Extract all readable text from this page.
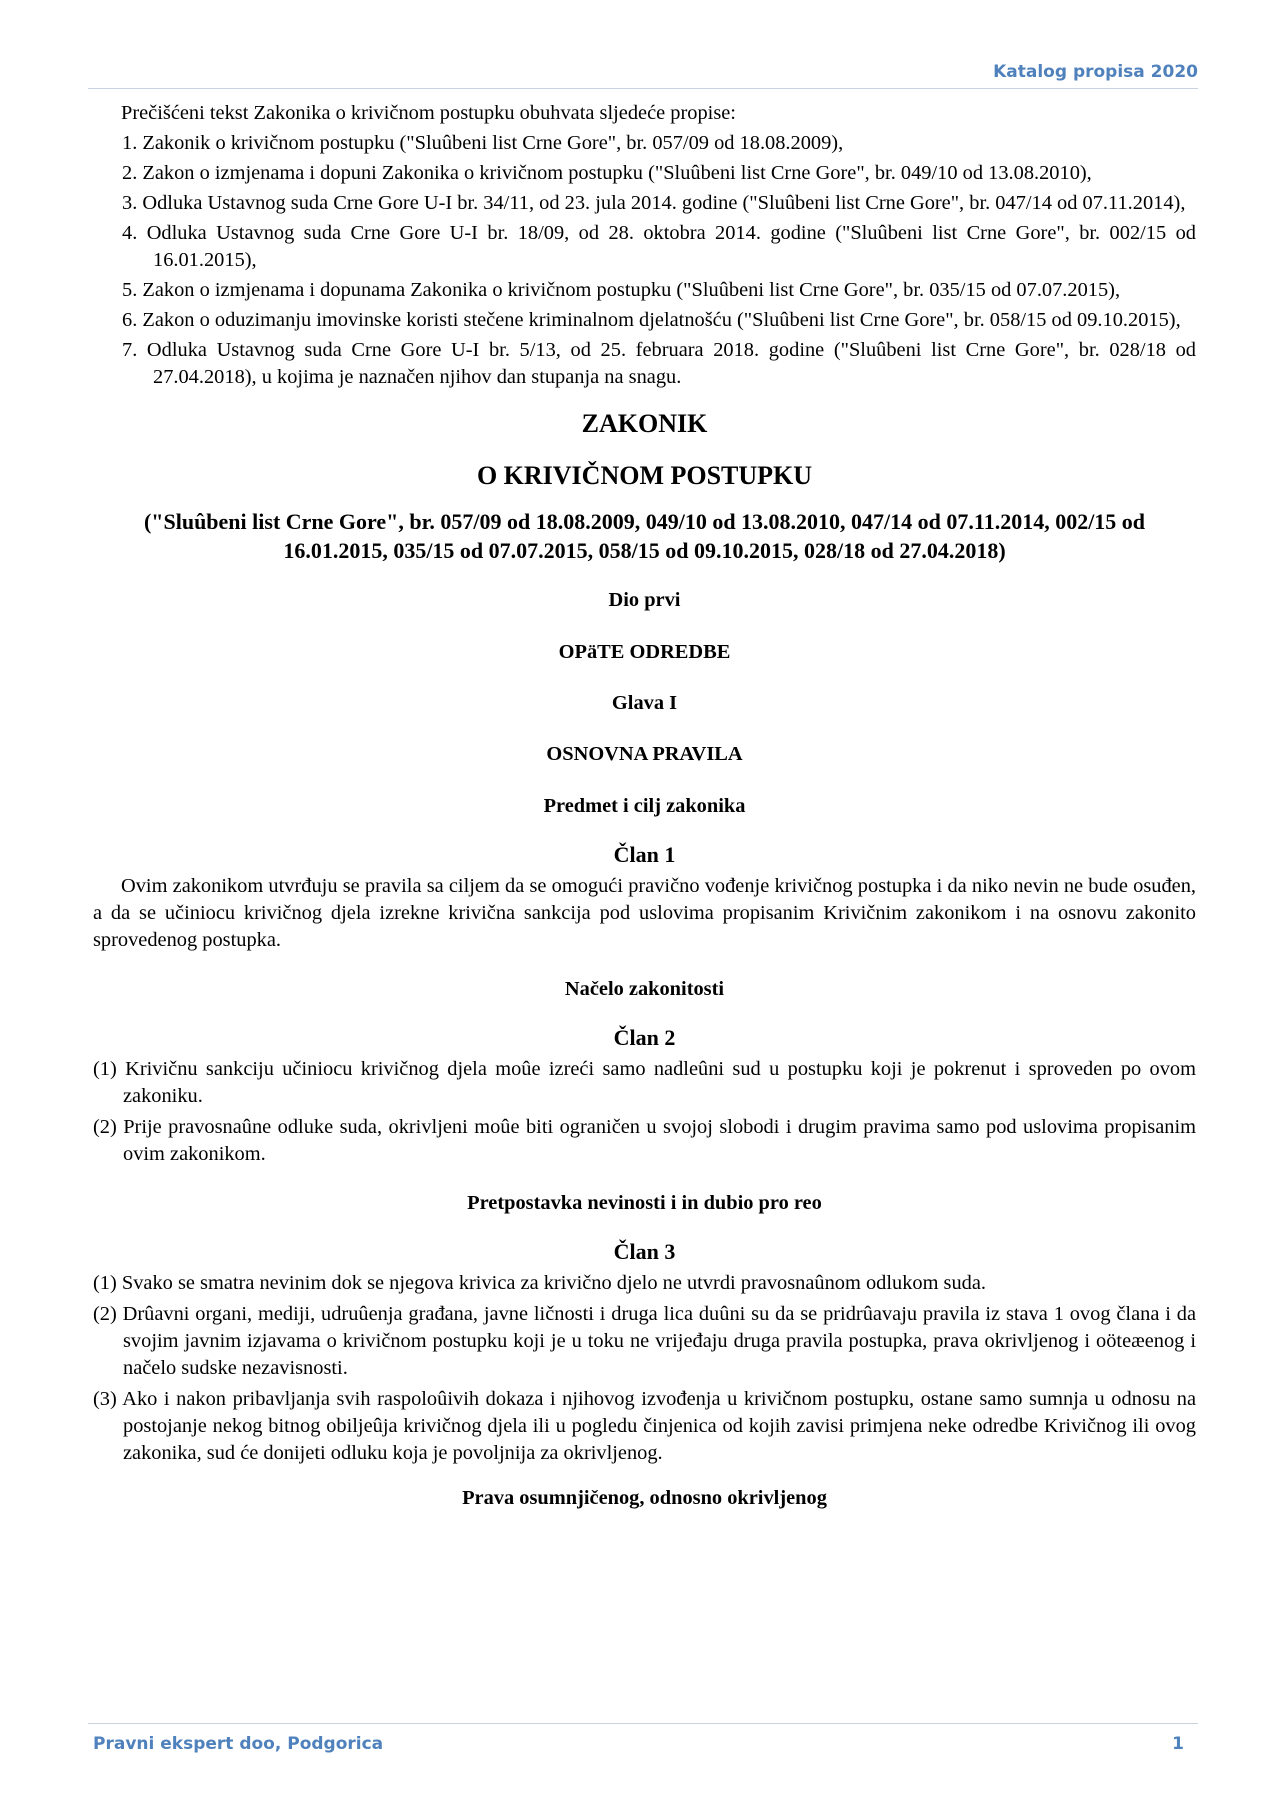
Katalog propisa 2020

Prečišćeni tekst Zakonika o krivičnom postupku obuhvata sljedeće propise:

1. Zakonik o krivičnom postupku ("Sluûbeni list Crne Gore", br. 057/09 od 18.08.2009),

2. Zakon o izmjenama i dopuni Zakonika o krivičnom postupku ("Sluûbeni list Crne Gore", br. 049/10 od 13.08.2010),

3. Odluka Ustavnog suda Crne Gore U-I br. 34/11, od 23. jula 2014. godine ("Sluûbeni list Crne Gore", br. 047/14 od 07.11.2014),

4. Odluka Ustavnog suda Crne Gore U-I br. 18/09, od 28. oktobra 2014. godine ("Sluûbeni list Crne Gore", br. 002/15 od 16.01.2015),

5. Zakon o izmjenama i dopunama Zakonika o krivičnom postupku ("Sluûbeni list Crne Gore", br. 035/15 od 07.07.2015),

6. Zakon o oduzimanju imovinske koristi stečene kriminalnom djelatnošću ("Sluûbeni list Crne Gore", br. 058/15 od 09.10.2015),

7. Odluka Ustavnog suda Crne Gore U-I br. 5/13, od 25. februara 2018. godine ("Sluûbeni list Crne Gore", br. 028/18 od 27.04.2018), u kojima je naznačen njihov dan stupanja na snagu.

ZAKONIK

O KRIVIČNOM POSTUPKU

("Sluûbeni list Crne Gore", br. 057/09 od 18.08.2009, 049/10 od 13.08.2010, 047/14 od 07.11.2014, 002/15 od 16.01.2015, 035/15 od 07.07.2015, 058/15 od 09.10.2015, 028/18 od 27.04.2018)

Dio prvi

OPäTE ODREDBE

Glava I

OSNOVNA PRAVILA

Predmet i cilj zakonika

Član 1

Ovim zakonikom utvrđuju se pravila sa ciljem da se omogući pravično vođenje krivičnog postupka i da niko nevin ne bude osuđen, a da se učiniocu krivičnog djela izrekne krivična sankcija pod uslovima propisanim Krivičnim zakonikom i na osnovu zakonito sprovedenog postupka.

Načelo zakonitosti

Član 2

(1) Krivičnu sankciju učiniocu krivičnog djela moûe izreći samo nadleûni sud u postupku koji je pokrenut i sproveden po ovom zakoniku.

(2) Prije pravosnaûne odluke suda, okrivljeni moûe biti ograničen u svojoj slobodi i drugim pravima samo pod uslovima propisanim ovim zakonikom.

Pretpostavka nevinosti i in dubio pro reo

Član 3

(1) Svako se smatra nevinim dok se njegova krivica za krivično djelo ne utvrdi pravosnaûnom odlukom suda.

(2) Drûavni organi, mediji, udruûenja građana, javne ličnosti i druga lica duûni su da se pridrûavaju pravila iz stava 1 ovog člana i da svojim javnim izjavama o krivičnom postupku koji je u toku ne vrijeđaju druga pravila postupka, prava okrivljenog i oöteæenog i načelo sudske nezavisnosti.

(3) Ako i nakon pribavljanja svih raspoloûivih dokaza i njihovog izvođenja u krivičnom postupku, ostane samo sumnja u odnosu na postojanje nekog bitnog obiljeûja krivičnog djela ili u pogledu činjenica od kojih zavisi primjena neke odredbe Krivičnog ili ovog zakonika, sud će donijeti odluku koja je povoljnija za okrivljenog.

Prava osumnjičenog, odnosno okrivljenog

Pravni ekspert doo, Podgorica	1
